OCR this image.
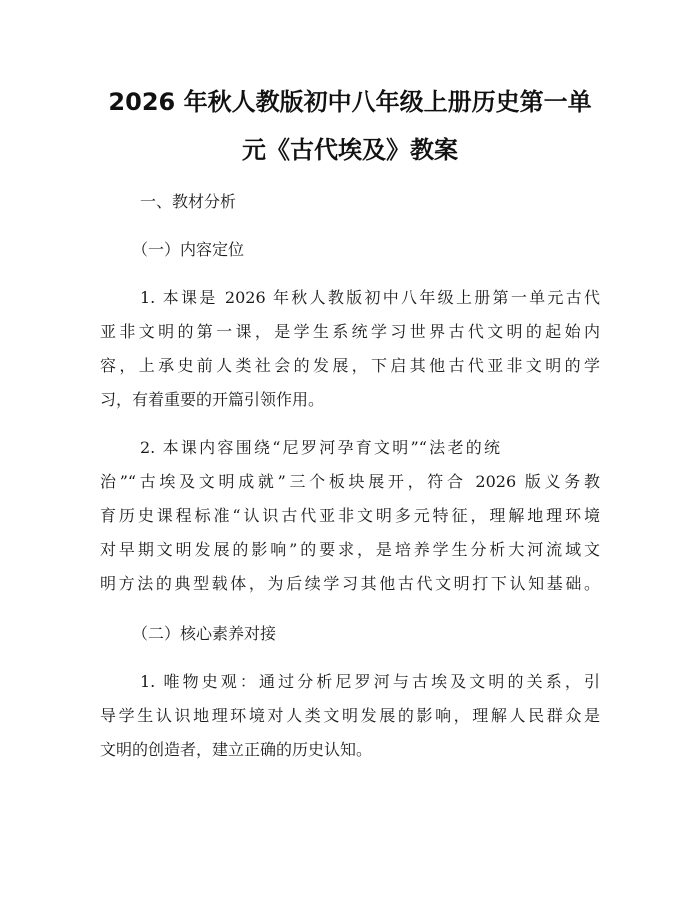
2026 年秋人教版初中八年级上册历史第一单
元《古代埃及》教案
一、教材分析
（一）内容定位
1. 本课是 2026 年秋人教版初中八年级上册第一单元古代
亚非文明的第一课，是学生系统学习世界古代文明的起始内
容，上承史前人类社会的发展，下启其他古代亚非文明的学
习，有着重要的开篇引领作用。
2. 本课内容围绕“尼罗河孕育文明”“法老的统
治”“古埃及文明成就”三个板块展开，符合 2026 版义务教
育历史课程标准“认识古代亚非文明多元特征，理解地理环境
对早期文明发展的影响”的要求，是培养学生分析大河流域文
明方法的典型载体，为后续学习其他古代文明打下认知基础。
（二）核心素养对接
1. 唯物史观：通过分析尼罗河与古埃及文明的关系，引
导学生认识地理环境对人类文明发展的影响，理解人民群众是
文明的创造者，建立正确的历史认知。
